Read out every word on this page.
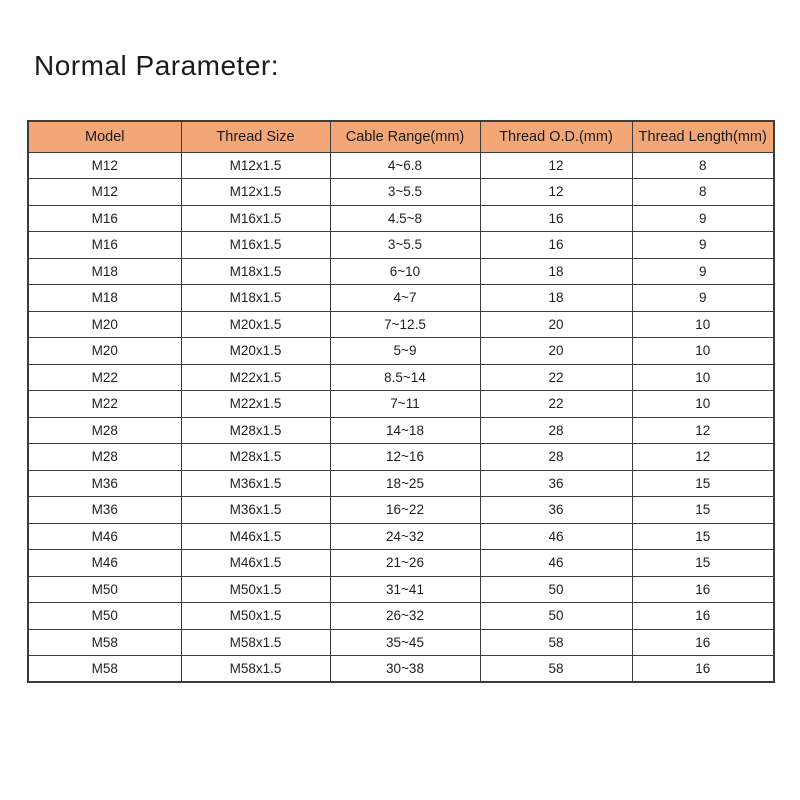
Normal Parameter:
Model	Thread Size	Cable Range(mm)	Thread O.D.(mm)	Thread Length(mm)
M12	M12x1.5	4~6.8	12	8
M12	M12x1.5	3~5.5	12	8
M16	M16x1.5	4.5~8	16	9
M16	M16x1.5	3~5.5	16	9
M18	M18x1.5	6~10	18	9
M18	M18x1.5	4~7	18	9
M20	M20x1.5	7~12.5	20	10
M20	M20x1.5	5~9	20	10
M22	M22x1.5	8.5~14	22	10
M22	M22x1.5	7~11	22	10
M28	M28x1.5	14~18	28	12
M28	M28x1.5	12~16	28	12
M36	M36x1.5	18~25	36	15
M36	M36x1.5	16~22	36	15
M46	M46x1.5	24~32	46	15
M46	M46x1.5	21~26	46	15
M50	M50x1.5	31~41	50	16
M50	M50x1.5	26~32	50	16
M58	M58x1.5	35~45	58	16
M58	M58x1.5	30~38	58	16
